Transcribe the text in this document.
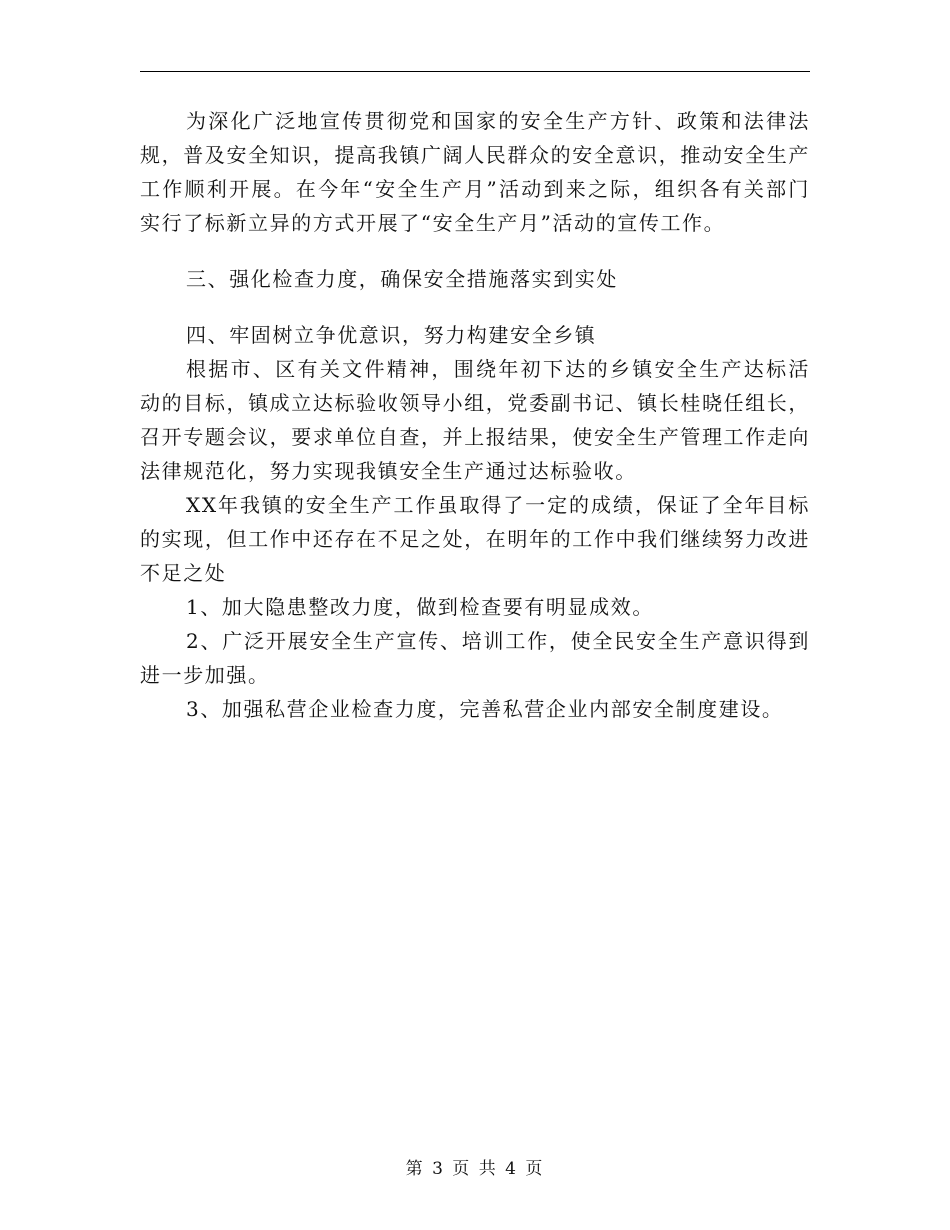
为深化广泛地宣传贯彻党和国家的安全生产方针、政策和法律法规，普及安全知识，提高我镇广阔人民群众的安全意识，推动安全生产工作顺利开展。在今年“安全生产月”活动到来之际，组织各有关部门实行了标新立异的方式开展了“安全生产月”活动的宣传工作。

三、强化检查力度，确保安全措施落实到实处

四、牢固树立争优意识，努力构建安全乡镇

根据市、区有关文件精神，围绕年初下达的乡镇安全生产达标活动的目标，镇成立达标验收领导小组，党委副书记、镇长桂晓任组长，召开专题会议，要求单位自查，并上报结果，使安全生产管理工作走向法律规范化，努力实现我镇安全生产通过达标验收。

XX年我镇的安全生产工作虽取得了一定的成绩，保证了全年目标的实现，但工作中还存在不足之处，在明年的工作中我们继续努力改进不足之处

1、加大隐患整改力度，做到检查要有明显成效。

2、广泛开展安全生产宣传、培训工作，使全民安全生产意识得到进一步加强。

3、加强私营企业检查力度，完善私营企业内部安全制度建设。

第 3 页 共 4 页
